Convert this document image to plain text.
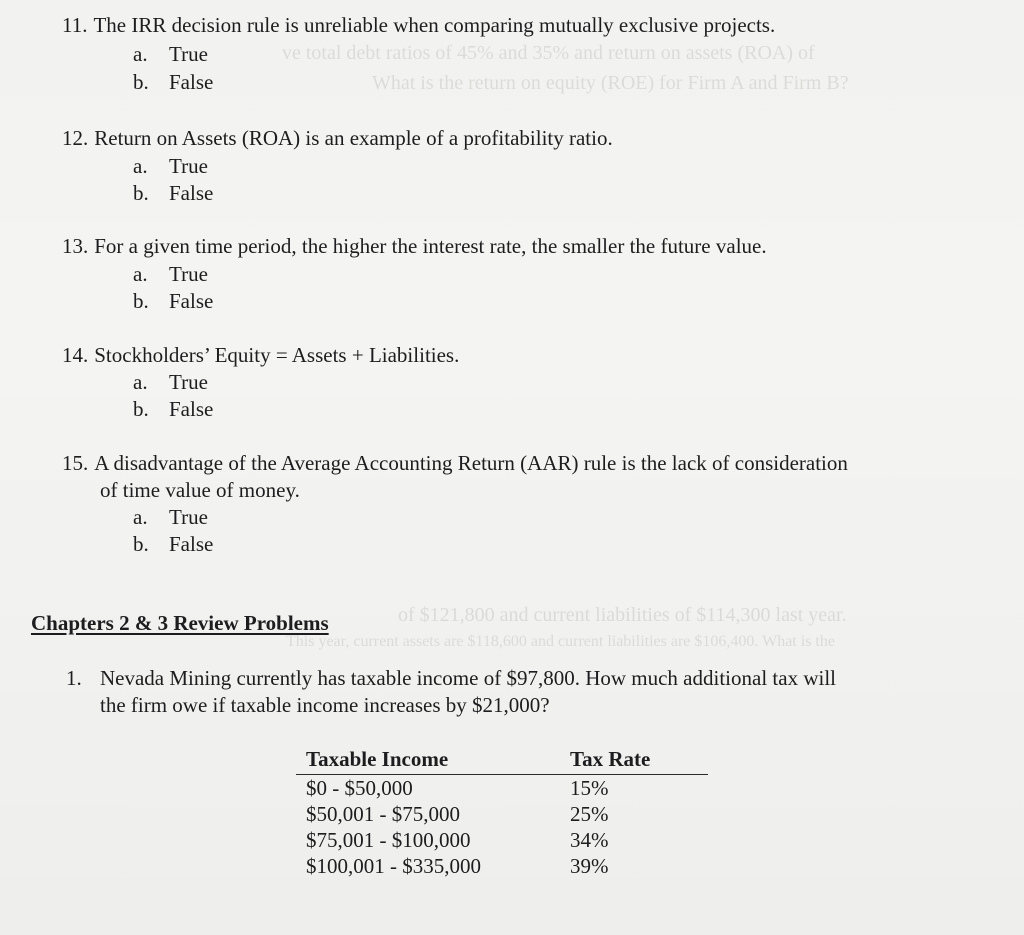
ve total debt ratios of 45% and 35% and return on assets (ROA) of
What is the return on equity (ROE) for Firm A and Firm B?
of $121,800 and current liabilities of $114,300 last year.
This year, current assets are $118,600 and current liabilities are $106,400. What is the
11. The IRR decision rule is unreliable when comparing mutually exclusive projects.
a. True
b. False
12. Return on Assets (ROA) is an example of a profitability ratio.
a. True
b. False
13. For a given time period, the higher the interest rate, the smaller the future value.
a. True
b. False
14. Stockholders’ Equity = Assets + Liabilities.
a. True
b. False
15. A disadvantage of the Average Accounting Return (AAR) rule is the lack of consideration
of time value of money.
a. True
b. False
Chapters 2 & 3 Review Problems
1. Nevada Mining currently has taxable income of $97,800. How much additional tax will
the firm owe if taxable income increases by $21,000?
Taxable Income	Tax Rate
$0 - $50,000	15%
$50,001 - $75,000	25%
$75,001 - $100,000	34%
$100,001 - $335,000	39%
